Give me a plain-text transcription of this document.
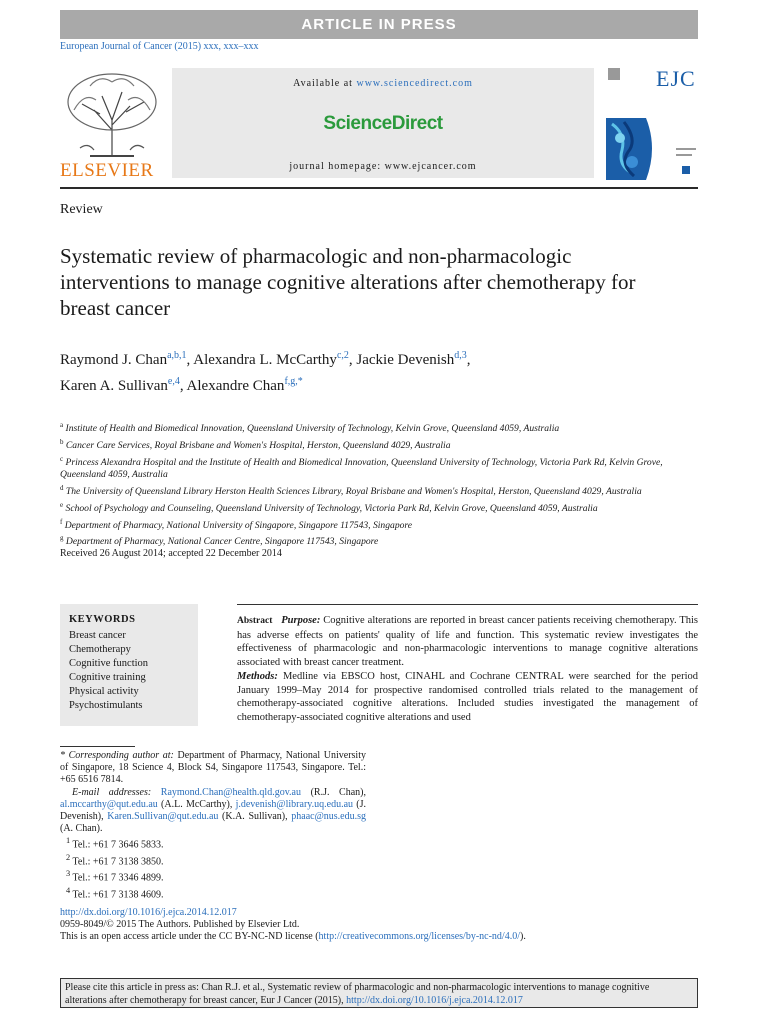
ARTICLE IN PRESS
European Journal of Cancer (2015) xxx, xxx–xxx
ELSEVIER
Available at www.sciencedirect.com
ScienceDirect
journal homepage: www.ejcancer.com
EJC
Review
Systematic review of pharmacologic and non-pharmacologic interventions to manage cognitive alterations after chemotherapy for breast cancer
Raymond J. Chan$^{a,b,1}$, Alexandra L. McCarthy$^{c,2}$, Jackie Devenish$^{d,3}$,
Karen A. Sullivan$^{e,4}$, Alexandre Chan$^{f,g,*}$
$^a$ Institute of Health and Biomedical Innovation, Queensland University of Technology, Kelvin Grove, Queensland 4059, Australia
$^b$ Cancer Care Services, Royal Brisbane and Women's Hospital, Herston, Queensland 4029, Australia
$^c$ Princess Alexandra Hospital and the Institute of Health and Biomedical Innovation, Queensland University of Technology, Victoria Park Rd, Kelvin Grove, Queensland 4059, Australia
$^d$ The University of Queensland Library Herston Health Sciences Library, Royal Brisbane and Women's Hospital, Herston, Queensland 4029, Australia
$^e$ School of Psychology and Counseling, Queensland University of Technology, Victoria Park Rd, Kelvin Grove, Queensland 4059, Australia
$^f$ Department of Pharmacy, National University of Singapore, Singapore 117543, Singapore
$^g$ Department of Pharmacy, National Cancer Centre, Singapore 117543, Singapore
Received 26 August 2014; accepted 22 December 2014
KEYWORDS
Breast cancer
Chemotherapy
Cognitive function
Cognitive training
Physical activity
Psychostimulants
Abstract Purpose: Cognitive alterations are reported in breast cancer patients receiving chemotherapy. This has adverse effects on patients' quality of life and function. This systematic review investigates the effectiveness of pharmacologic and non-pharmacologic interventions to manage cognitive alterations associated with breast cancer treatment.
Methods: Medline via EBSCO host, CINAHL and Cochrane CENTRAL were searched for the period January 1999–May 2014 for prospective randomised controlled trials related to the management of chemotherapy-associated cognitive alterations. Included studies investigated the management of chemotherapy-associated cognitive alterations and used
* Corresponding author at: Department of Pharmacy, National University of Singapore, 18 Science 4, Block S4, Singapore 117543, Singapore. Tel.: +65 6516 7814.
E-mail addresses: Raymond.Chan@health.qld.gov.au (R.J. Chan), al.mccarthy@qut.edu.au (A.L. McCarthy), j.devenish@library.uq.edu.au (J. Devenish), Karen.Sullivan@qut.edu.au (K.A. Sullivan), phaac@nus.edu.sg (A. Chan).
$^1$ Tel.: +61 7 3646 5833.
$^2$ Tel.: +61 7 3138 3850.
$^3$ Tel.: +61 7 3346 4899.
$^4$ Tel.: +61 7 3138 4609.
http://dx.doi.org/10.1016/j.ejca.2014.12.017
0959-8049/© 2015 The Authors. Published by Elsevier Ltd.
This is an open access article under the CC BY-NC-ND license (http://creativecommons.org/licenses/by-nc-nd/4.0/).
Please cite this article in press as: Chan R.J. et al., Systematic review of pharmacologic and non-pharmacologic interventions to manage cognitive alterations after chemotherapy for breast cancer, Eur J Cancer (2015), http://dx.doi.org/10.1016/j.ejca.2014.12.017
